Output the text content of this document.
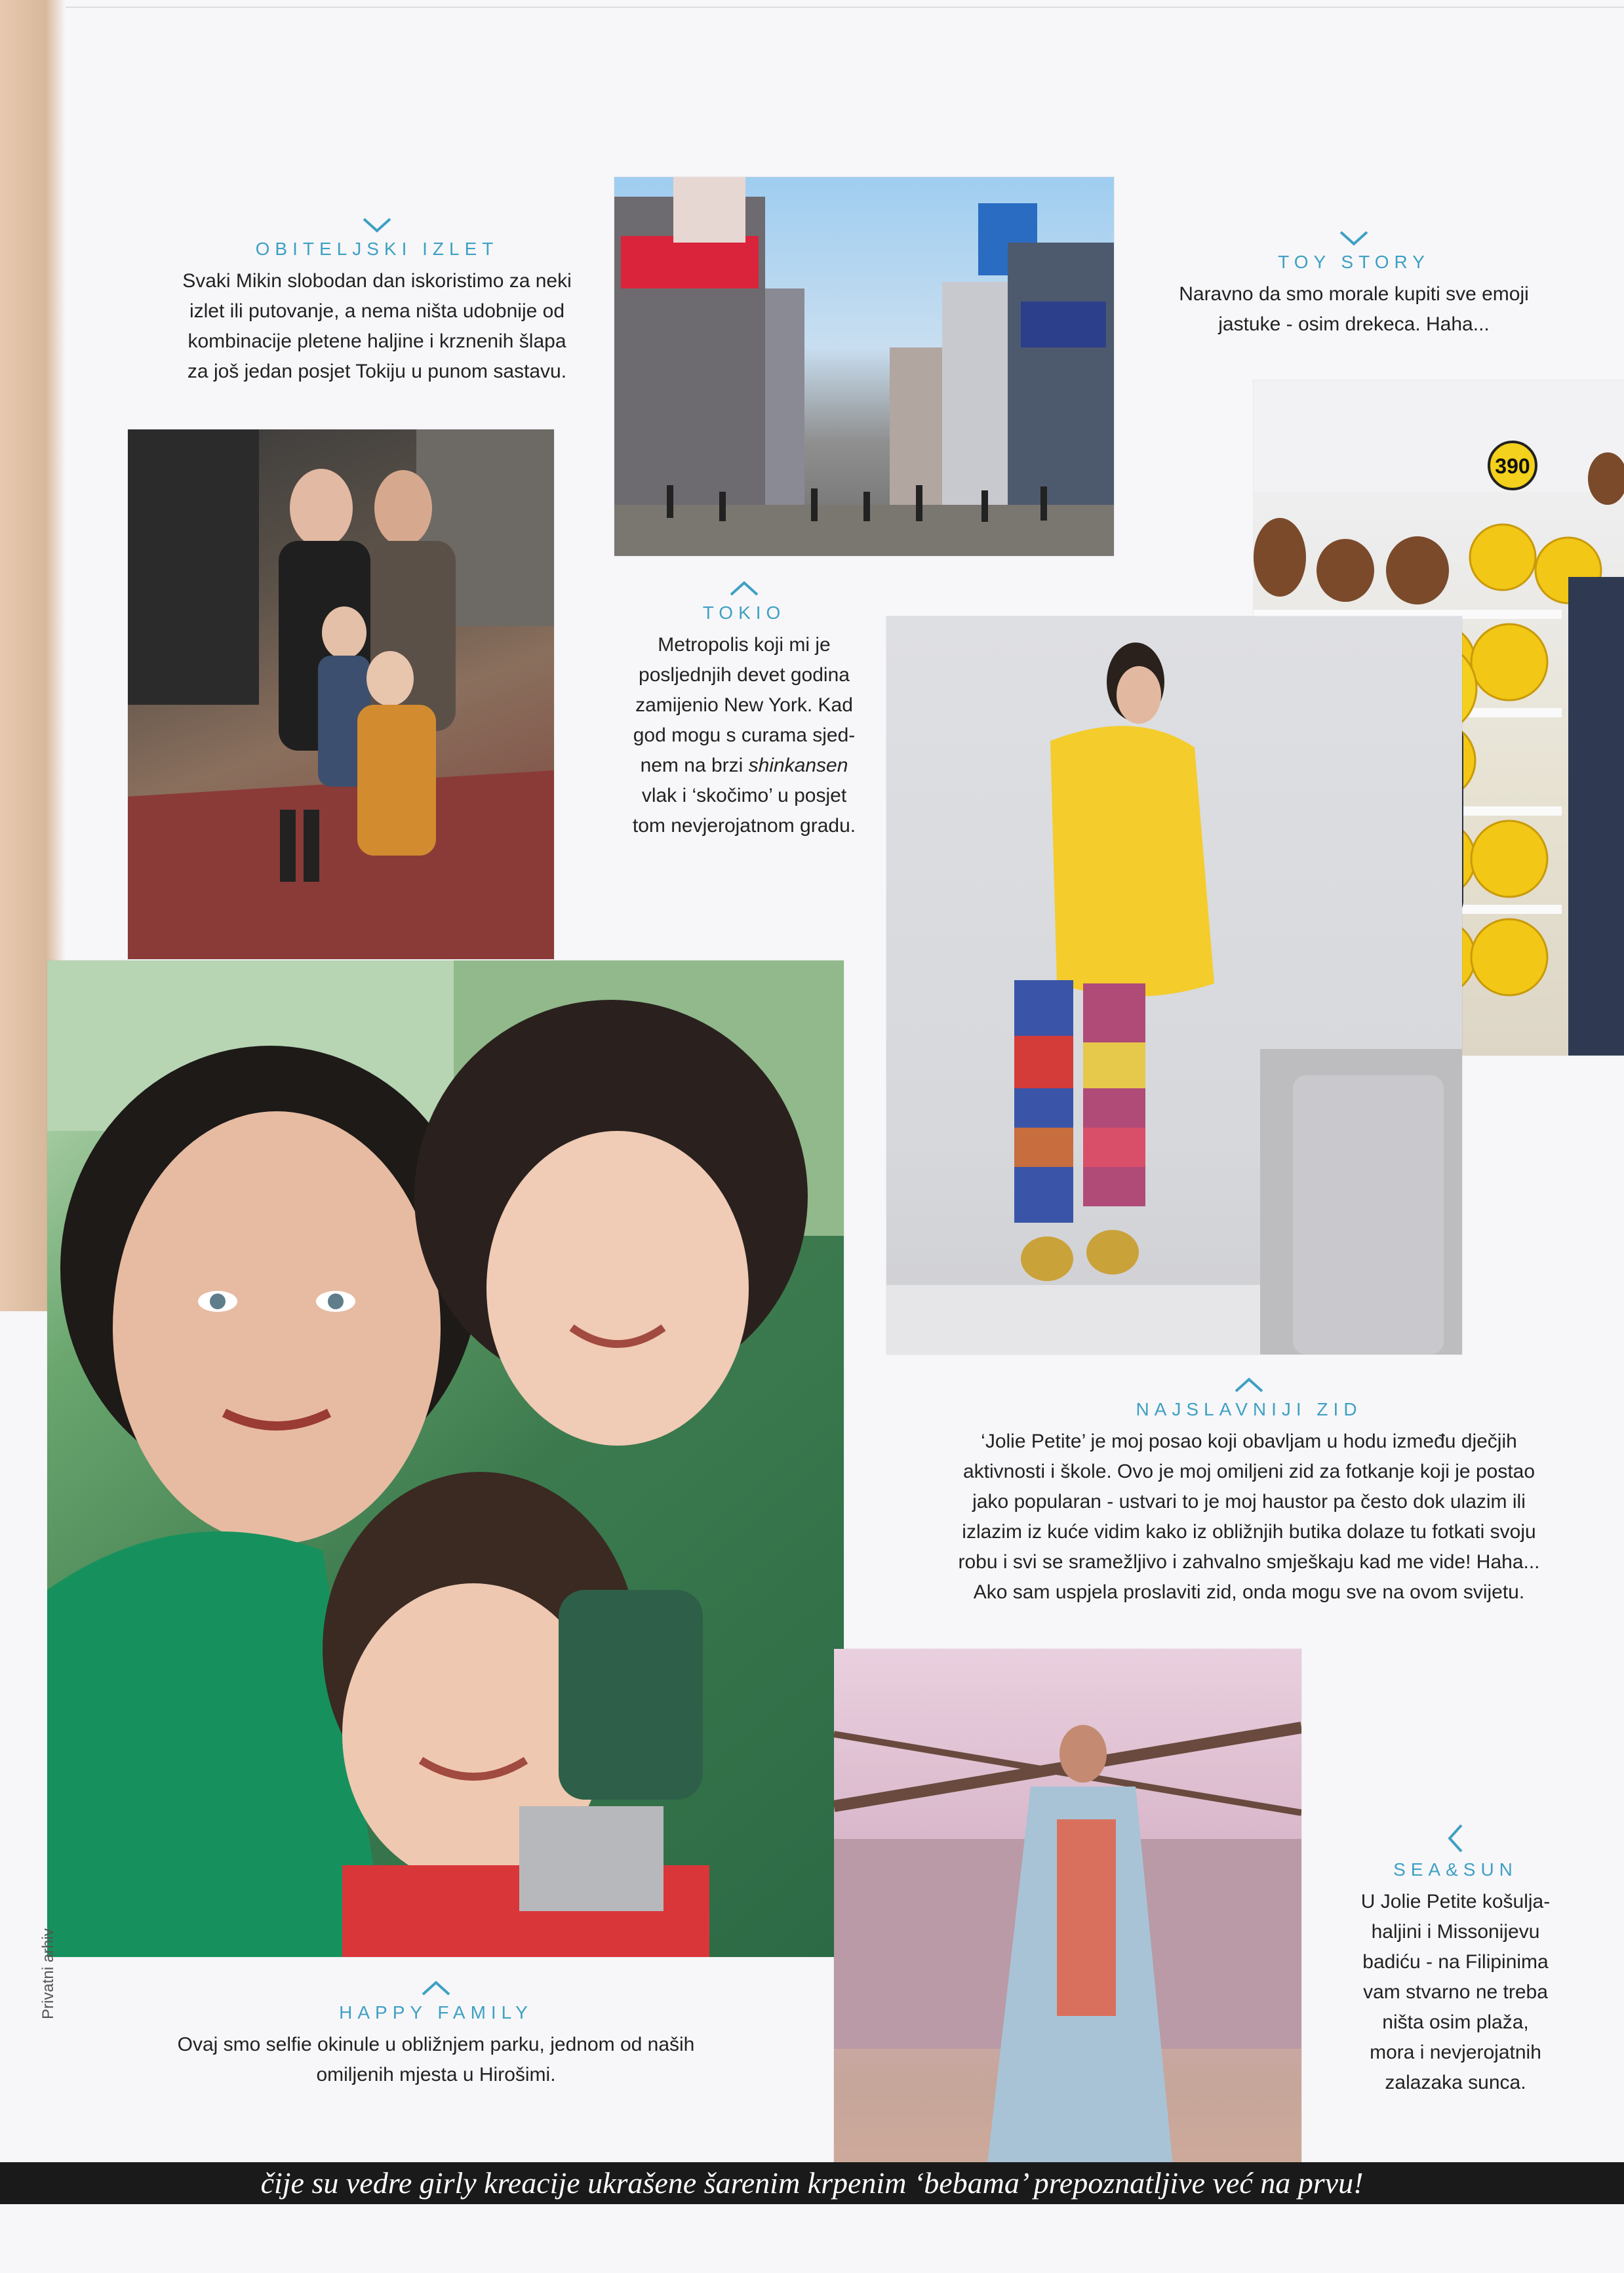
390
OBITELJSKI IZLET

Svaki Mikin slobodan dan iskoristimo za neki

izlet ili putovanje, a nema ništa udobnije od

kombinacije pletene haljine i krznenih šlapa

za još jedan posjet Tokiju u punom sastavu.

TOY STORY

Naravno da smo morale kupiti sve emoji

jastuke - osim drekeca. Haha...

TOKIO

Metropolis koji mi je

posljednjih devet godina

zamijenio New York. Kad

god mogu s curama sjed-

nem na brzi shinkansen

vlak i ‘skočimo’ u posjet

tom nevjerojatnom gradu.

NAJSLAVNIJI ZID

‘Jolie Petite’ je moj posao koji obavljam u hodu između dječjih

aktivnosti i škole. Ovo je moj omiljeni zid za fotkanje koji je postao

jako popularan - ustvari to je moj haustor pa često dok ulazim ili

izlazim iz kuće vidim kako iz obližnjih butika dolaze tu fotkati svoju

robu i svi se sramežljivo i zahvalno smješkaju kad me vide! Haha...

Ako sam uspjela proslaviti zid, onda mogu sve na ovom svijetu.

SEA&SUN

U Jolie Petite košulja-

haljini i Missonijevu

badiću - na Filipinima

vam stvarno ne treba

ništa osim plaža,

mora i nevjerojatnih

zalazaka sunca.

HAPPY FAMILY

Ovaj smo selfie okinule u obližnjem parku, jednom od naših

omiljenih mjesta u Hirošimi.

Privatni arhiv
čije su vedre girly kreacije ukrašene šarenim krpenim ‘bebama’ prepoznatljive već na prvu!
